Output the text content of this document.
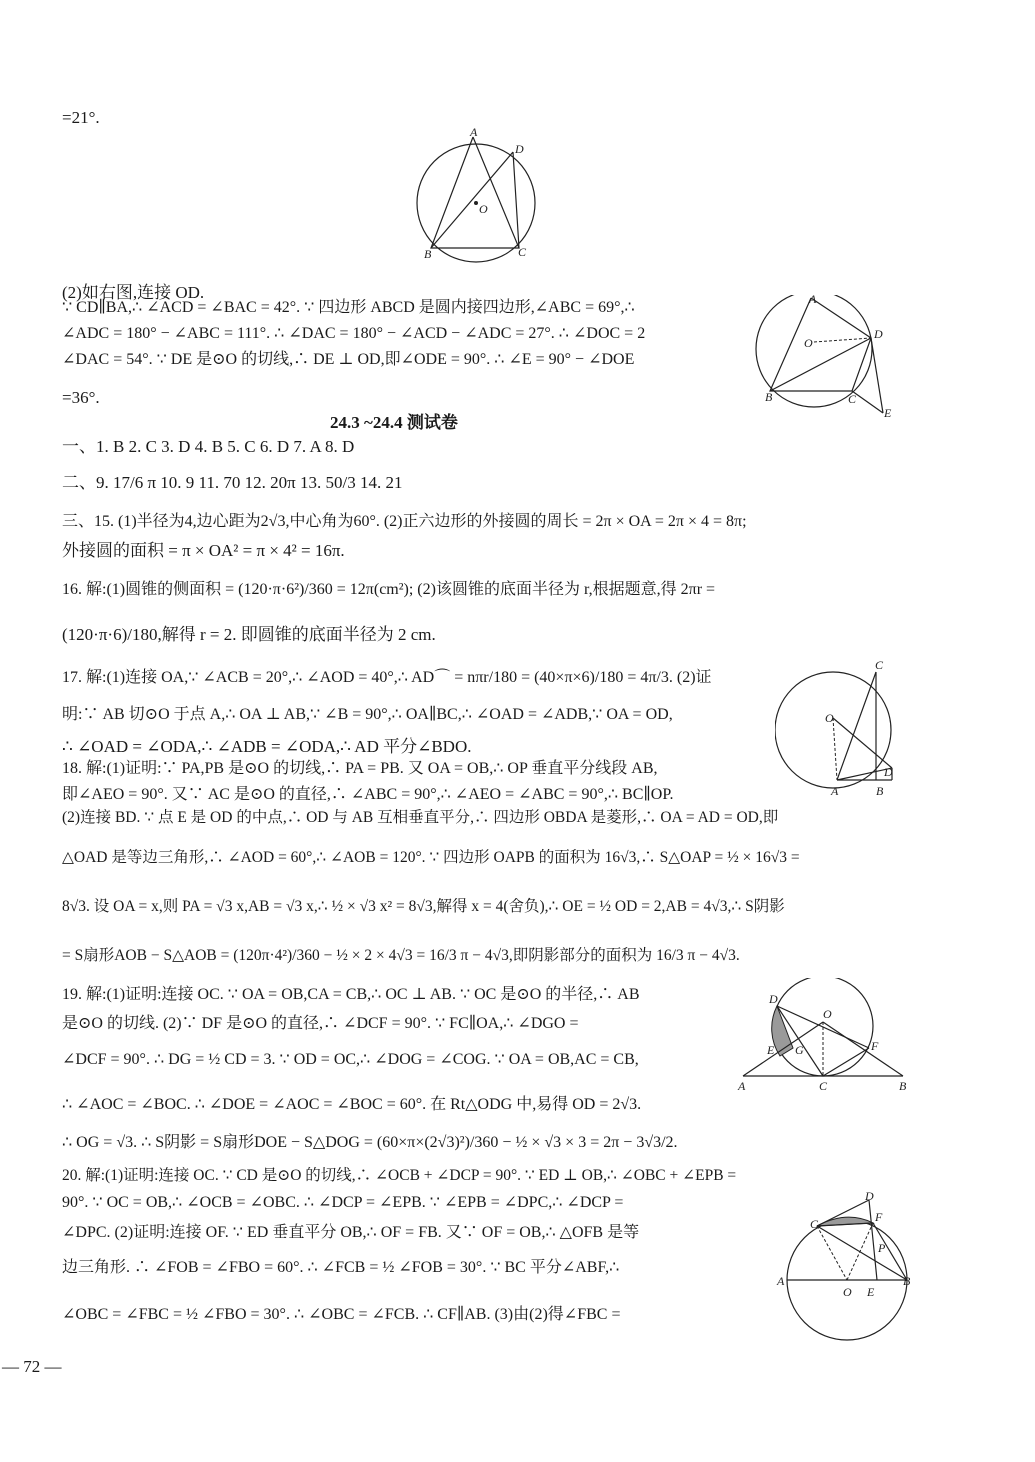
=21°.
(2)如右图,连接 OD.
∵ CD∥BA,∴ ∠ACD = ∠BAC = 42°. ∵ 四边形 ABCD 是圆内接四边形,∠ABC = 69°,∴
∠ADC = 180° − ∠ABC = 111°. ∴ ∠DAC = 180° − ∠ACD − ∠ADC = 27°. ∴ ∠DOC = 2
∠DAC = 54°. ∵ DE 是⊙O 的切线,∴ DE ⊥ OD,即∠ODE = 90°. ∴ ∠E = 90° − ∠DOE
=36°.
24.3 ~24.4 测试卷
一、1. B 2. C 3. D 4. B 5. C 6. D 7. A 8. D
二、9. 17/6 π 10. 9 11. 70 12. 20π 13. 50/3 14. 21
三、15. (1)半径为4,边心距为2√3,中心角为60°. (2)正六边形的外接圆的周长 = 2π × OA = 2π × 4 = 8π;
外接圆的面积 = π × OA² = π × 4² = 16π.
16. 解:(1)圆锥的侧面积 = (120·π·6²)/360 = 12π(cm²); (2)该圆锥的底面半径为 r,根据题意,得 2πr =
(120·π·6)/180,解得 r = 2. 即圆锥的底面半径为 2 cm.
17. 解:(1)连接 OA,∵ ∠ACB = 20°,∴ ∠AOD = 40°,∴ AD⌒ = nπr/180 = (40×π×6)/180 = 4π/3. (2)证
明:∵ AB 切⊙O 于点 A,∴ OA ⊥ AB,∵ ∠B = 90°,∴ OA∥BC,∴ ∠OAD = ∠ADB,∵ OA = OD,
∴ ∠OAD = ∠ODA,∴ ∠ADB = ∠ODA,∴ AD 平分∠BDO.
18. 解:(1)证明:∵ PA,PB 是⊙O 的切线,∴ PA = PB. 又 OA = OB,∴ OP 垂直平分线段 AB,
即∠AEO = 90°. 又∵ AC 是⊙O 的直径,∴ ∠ABC = 90°,∴ ∠AEO = ∠ABC = 90°,∴ BC∥OP.
(2)连接 BD. ∵ 点 E 是 OD 的中点,∴ OD 与 AB 互相垂直平分,∴ 四边形 OBDA 是菱形,∴ OA = AD = OD,即
△OAD 是等边三角形,∴ ∠AOD = 60°,∴ ∠AOB = 120°. ∵ 四边形 OAPB 的面积为 16√3,∴ S△OAP = ½ × 16√3 =
8√3. 设 OA = x,则 PA = √3 x,AB = √3 x,∴ ½ × √3 x² = 8√3,解得 x = 4(舍负),∴ OE = ½ OD = 2,AB = 4√3,∴ S阴影
= S扇形AOB − S△AOB = (120π·4²)/360 − ½ × 2 × 4√3 = 16/3 π − 4√3,即阴影部分的面积为 16/3 π − 4√3.
19. 解:(1)证明:连接 OC. ∵ OA = OB,CA = CB,∴ OC ⊥ AB. ∵ OC 是⊙O 的半径,∴ AB
是⊙O 的切线. (2)∵ DF 是⊙O 的直径,∴ ∠DCF = 90°. ∵ FC∥OA,∴ ∠DGO =
∠DCF = 90°. ∴ DG = ½ CD = 3. ∵ OD = OC,∴ ∠DOG = ∠COG. ∵ OA = OB,AC = CB,
∴ ∠AOC = ∠BOC. ∴ ∠DOE = ∠AOC = ∠BOC = 60°. 在 Rt△ODG 中,易得 OD = 2√3.
∴ OG = √3. ∴ S阴影 = S扇形DOE − S△DOG = (60×π×(2√3)²)/360 − ½ × √3 × 3 = 2π − 3√3/2.
20. 解:(1)证明:连接 OC. ∵ CD 是⊙O 的切线,∴ ∠OCB + ∠DCP = 90°. ∵ ED ⊥ OB,∴ ∠OBC + ∠EPB =
90°. ∵ OC = OB,∴ ∠OCB = ∠OBC. ∴ ∠DCP = ∠EPB. ∵ ∠EPB = ∠DPC,∴ ∠DCP =
∠DPC. (2)证明:连接 OF. ∵ ED 垂直平分 OB,∴ OF = FB. 又∵ OF = OB,∴ △OFB 是等
边三角形. ∴ ∠FOB = ∠FBO = 60°. ∴ ∠FCB = ½ ∠FOB = 30°. ∵ BC 平分∠ABF,∴
∠OBC = ∠FBC = ½ ∠FBO = 30°. ∴ ∠OBC = ∠FCB. ∴ CF∥AB. (3)由(2)得∠FBC =
— 72 —
A
B	C
D
O
A
B	C
D
O
E
C
O
A	B
D
D
O
E G	F
A	C	B
D
C	F
P
A
O E
B
